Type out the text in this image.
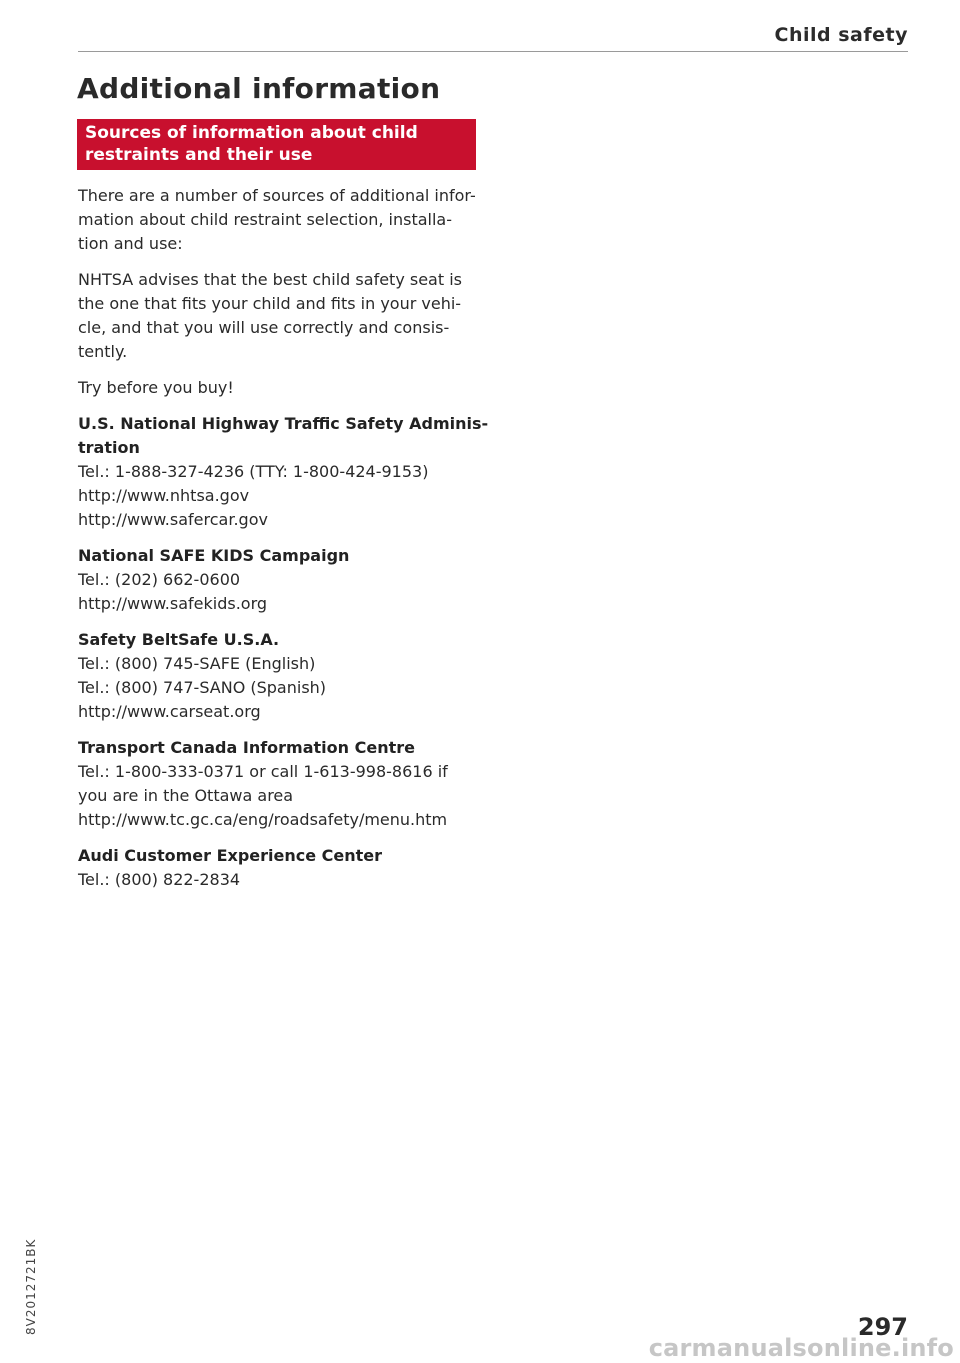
Child safety
Additional information
Sources of information about child
restraints and their use

There are a number of sources of additional infor-
mation about child restraint selection, installa-
tion and use:

NHTSA advises that the best child safety seat is
the one that fits your child and fits in your vehi-
cle, and that you will use correctly and consis-
tently.

Try before you buy!

U.S. National Highway Traffic Safety Adminis-
tration
Tel.: 1-888-327-4236 (TTY: 1-800-424-9153)
http://www.nhtsa.gov
http://www.safercar.gov
National SAFE KIDS Campaign
Tel.: (202) 662-0600
http://www.safekids.org
Safety BeltSafe U.S.A.
Tel.: (800) 745-SAFE (English)
Tel.: (800) 747-SANO (Spanish)
http://www.carseat.org
Transport Canada Information Centre
Tel.: 1-800-333-0371 or call 1-613-998-8616 if
you are in the Ottawa area
http://www.tc.gc.ca/eng/roadsafety/menu.htm
Audi Customer Experience Center
Tel.: (800) 822-2834
8V2012721BK	297
carmanualsonline.info
